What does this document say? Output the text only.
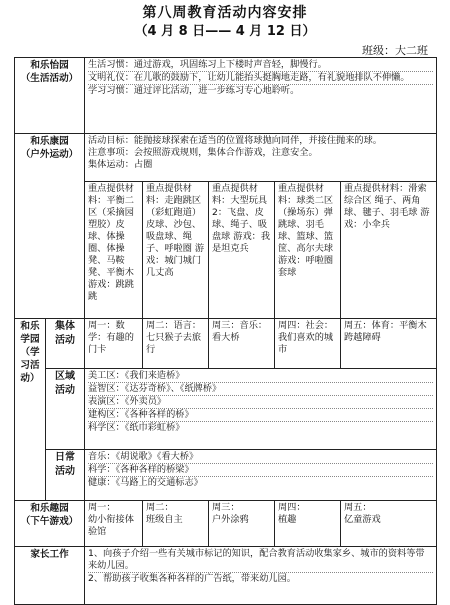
第八周教育活动内容安排
（4 月 8 日—— 4 月 12 日）
班级：大二班
和乐怡园
（生活活动）		生活习惯：通过游戏，巩固练习上下楼时声音轻，脚慢行。
文明礼仪：在儿歌的鼓励下，让幼儿能抬头挺胸地走路，有礼貌地排队不伸懒。
学习习惯：通过评比活动，进一步练习专心地聆听。				

和乐康园
（户外运动）		活动目标：能抛接球探索在适当的位置将球抛向同伴，并接住抛来的球。
注意事项：会按照游戏规则，集体合作游戏，注意安全。
集体运动：占圈				

		重点提供材料：平衡二区（采摘园塑胶）皮球、体操圈、体操凳、马鞍凳、平衡木 游戏：跳跳跳	重点提供材料：走跑跳区（彩虹跑道）皮球、沙包、吸盘球、绳子、呼啦圈 游戏：城门城门几丈高	重点提供材料：大型玩具2：飞盘、皮球、绳子、吸盘球 游戏：我是坦克兵	重点提供材料：球类二区（操场东）弹跳球、羽毛球、篮球、篮筐、高尔夫球 游戏：呼啦圈套球	重点提供材料：滑索综合区 绳子、两角球、毽子、羽毛球 游戏：小伞兵

和乐
学园
（学
习活
动）	集体
活动	周一：数学：有趣的门卡	周二：语言：七只猴子去旅行	周三：音乐：看大桥	周四：社会：我们喜欢的城市	周五：体育：平衡木跨越障碍

	区域
活动	美工区：《我们来造桥》
益智区：《达芬奇桥》、《纸牌桥》
表演区：《外卖员》
建构区：《各种各样的桥》
科学区：《纸巾彩虹桥》				

	日常
活动	音乐：《胡说歌》《看大桥》
科学：《各种各样的桥梁》
健康：《马路上的交通标志》				

和乐趣园
（下午游戏）		周一：
幼小衔接体验馆	周二：
班级自主	周三：
户外涂鸦	周四：
植趣	周五：
亿童游戏

家长工作		1、向孩子介绍一些有关城市标记的知识，配合教育活动收集家乡、城市的资料等带来幼儿园。
2、帮助孩子收集各种各样的广告纸，带来幼儿园。				
